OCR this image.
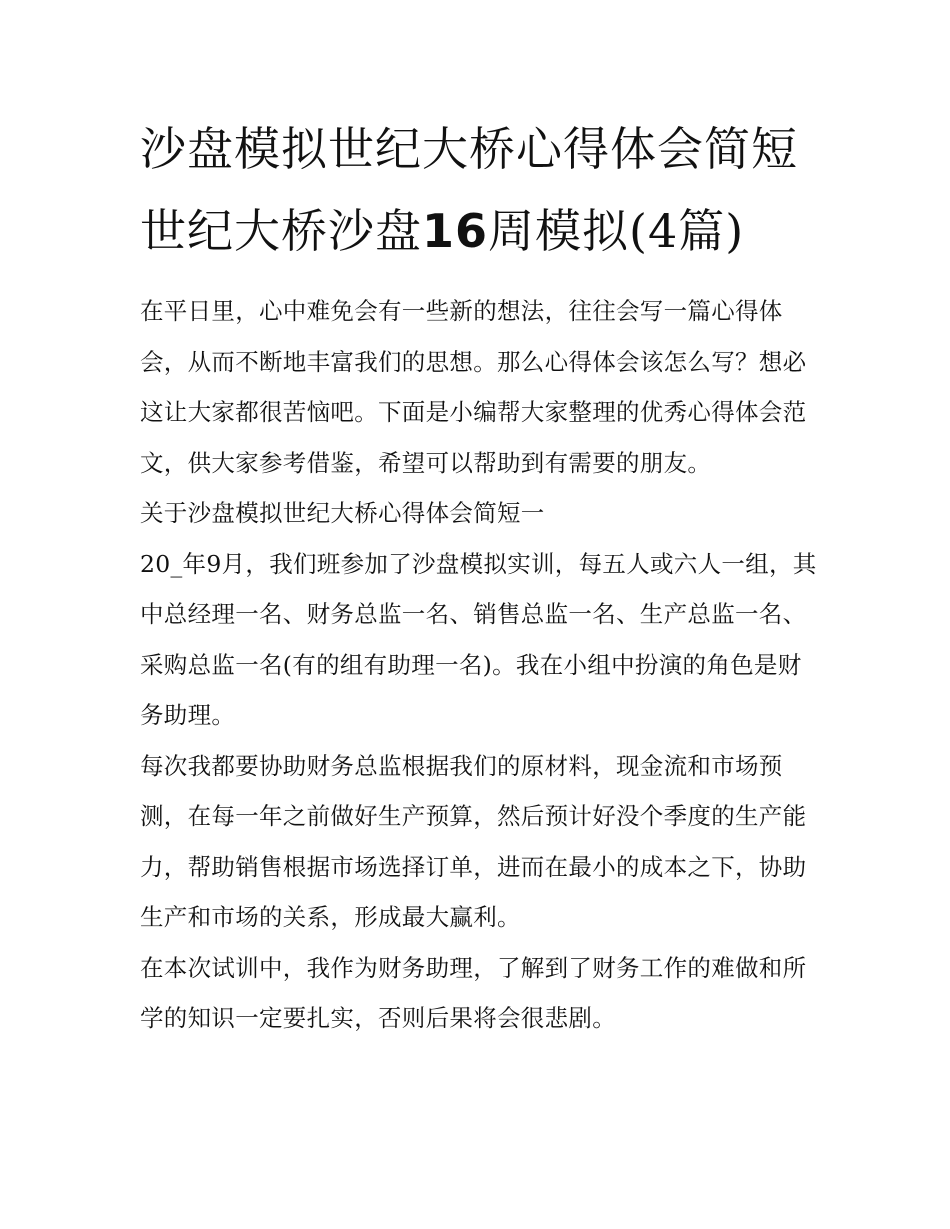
沙盘模拟世纪大桥心得体会简短 世纪大桥沙盘16周模拟(4篇)

在平日里，心中难免会有一些新的想法，往往会写一篇心得体会，从而不断地丰富我们的思想。那么心得体会该怎么写？想必这让大家都很苦恼吧。下面是小编帮大家整理的优秀心得体会范文，供大家参考借鉴，希望可以帮助到有需要的朋友。

关于沙盘模拟世纪大桥心得体会简短一

20_年9月，我们班参加了沙盘模拟实训，每五人或六人一组，其中总经理一名、财务总监一名、销售总监一名、生产总监一名、采购总监一名(有的组有助理一名)。我在小组中扮演的角色是财务助理。

每次我都要协助财务总监根据我们的原材料，现金流和市场预测，在每一年之前做好生产预算，然后预计好没个季度的生产能力，帮助销售根据市场选择订单，进而在最小的成本之下，协助生产和市场的关系，形成最大赢利。

在本次试训中，我作为财务助理，了解到了财务工作的难做和所学的知识一定要扎实，否则后果将会很悲剧。
